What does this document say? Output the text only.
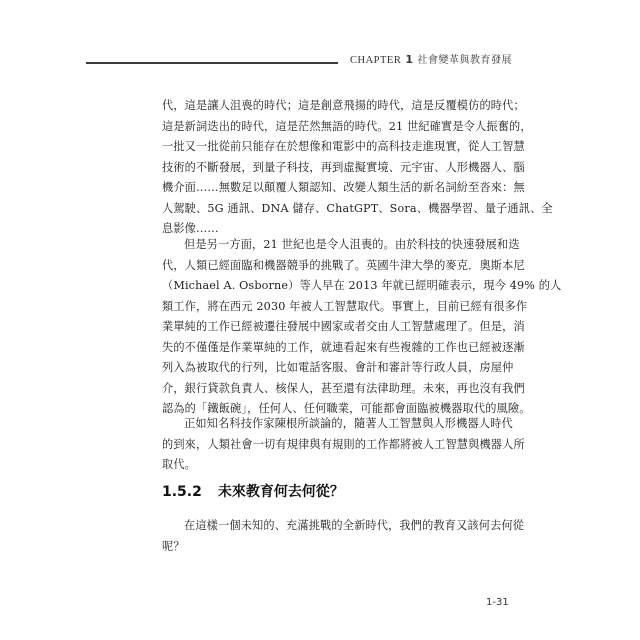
CHAPTER 1 社會變革與教育發展
代，這是讓人沮喪的時代；這是創意飛揚的時代，這是反覆模仿的時代；
這是新詞迭出的時代，這是茫然無語的時代。21 世紀確實是令人振奮的，
一批又一批從前只能存在於想像和電影中的高科技走進現實，從人工智慧
技術的不斷發展，到量子科技，再到虛擬實境、元宇宙、人形機器人、腦
機介面……無數足以顛覆人類認知、改變人類生活的新名詞紛至沓來：無
人駕駛、5G 通訊、DNA 儲存、ChatGPT、Sora、機器學習、量子通訊、全
息影像……
但是另一方面，21 世紀也是令人沮喪的。由於科技的快速發展和迭
代，人類已經面臨和機器競爭的挑戰了。英國牛津大學的麥克．奧斯本尼
（Michael A. Osborne）等人早在 2013 年就已經明確表示，現今 49% 的人
類工作，將在西元 2030 年被人工智慧取代。事實上，目前已經有很多作
業單純的工作已經被遷往發展中國家或者交由人工智慧處理了。但是，消
失的不僅僅是作業單純的工作，就連看起來有些複雜的工作也已經被逐漸
列入為被取代的行列，比如電話客服、會計和審計等行政人員，房屋仲
介，銀行貸款負責人、核保人，甚至還有法律助理。未來，再也沒有我們
認為的「鐵飯碗」，任何人、任何職業，可能都會面臨被機器取代的風險。
正如知名科技作家陳根所談論的，隨著人工智慧與人形機器人時代
的到來，人類社會一切有規律與有規則的工作都將被人工智慧與機器人所
取代。
1.5.2 未來教育何去何從？
在這樣一個未知的、充滿挑戰的全新時代，我們的教育又該何去何從
呢？
1-31
